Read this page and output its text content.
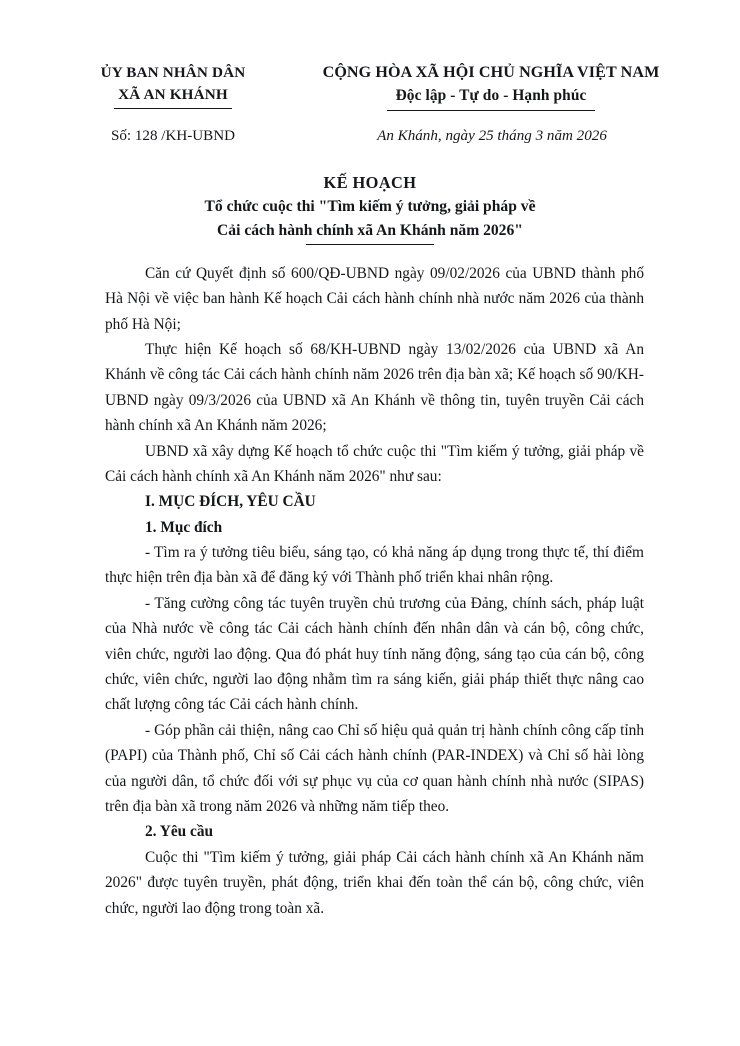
ỦY BAN NHÂN DÂN
XÃ AN KHÁNH
CỘNG HÒA XÃ HỘI CHỦ NGHĨA VIỆT NAM
Độc lập - Tự do - Hạnh phúc
Số: 128 /KH-UBND	An Khánh, ngày 25 tháng 3 năm 2026
KẾ HOẠCH
Tổ chức cuộc thi "Tìm kiếm ý tưởng, giải pháp về
Cải cách hành chính xã An Khánh năm 2026"

Căn cứ Quyết định số 600/QĐ-UBND ngày 09/02/2026 của UBND thành phố Hà Nội về việc ban hành Kế hoạch Cải cách hành chính nhà nước năm 2026 của thành phố Hà Nội;

Thực hiện Kế hoạch số 68/KH-UBND ngày 13/02/2026 của UBND xã An Khánh về công tác Cải cách hành chính năm 2026 trên địa bàn xã; Kế hoạch số 90/KH-UBND ngày 09/3/2026 của UBND xã An Khánh về thông tin, tuyên truyền Cải cách hành chính xã An Khánh năm 2026;

UBND xã xây dựng Kế hoạch tổ chức cuộc thi "Tìm kiếm ý tưởng, giải pháp về Cải cách hành chính xã An Khánh năm 2026" như sau:

I. MỤC ĐÍCH, YÊU CẦU
1. Mục đích

- Tìm ra ý tưởng tiêu biểu, sáng tạo, có khả năng áp dụng trong thực tế, thí điểm thực hiện trên địa bàn xã để đăng ký với Thành phố triển khai nhân rộng.

- Tăng cường công tác tuyên truyền chủ trương của Đảng, chính sách, pháp luật của Nhà nước về công tác Cải cách hành chính đến nhân dân và cán bộ, công chức, viên chức, người lao động. Qua đó phát huy tính năng động, sáng tạo của cán bộ, công chức, viên chức, người lao động nhằm tìm ra sáng kiến, giải pháp thiết thực nâng cao chất lượng công tác Cải cách hành chính.

- Góp phần cải thiện, nâng cao Chỉ số hiệu quả quản trị hành chính công cấp tỉnh (PAPI) của Thành phố, Chỉ số Cải cách hành chính (PAR-INDEX) và Chỉ số hài lòng của người dân, tổ chức đối với sự phục vụ của cơ quan hành chính nhà nước (SIPAS) trên địa bàn xã trong năm 2026 và những năm tiếp theo.

2. Yêu cầu

Cuộc thi "Tìm kiếm ý tưởng, giải pháp Cải cách hành chính xã An Khánh năm 2026" được tuyên truyền, phát động, triển khai đến toàn thể cán bộ, công chức, viên chức, người lao động trong toàn xã.
